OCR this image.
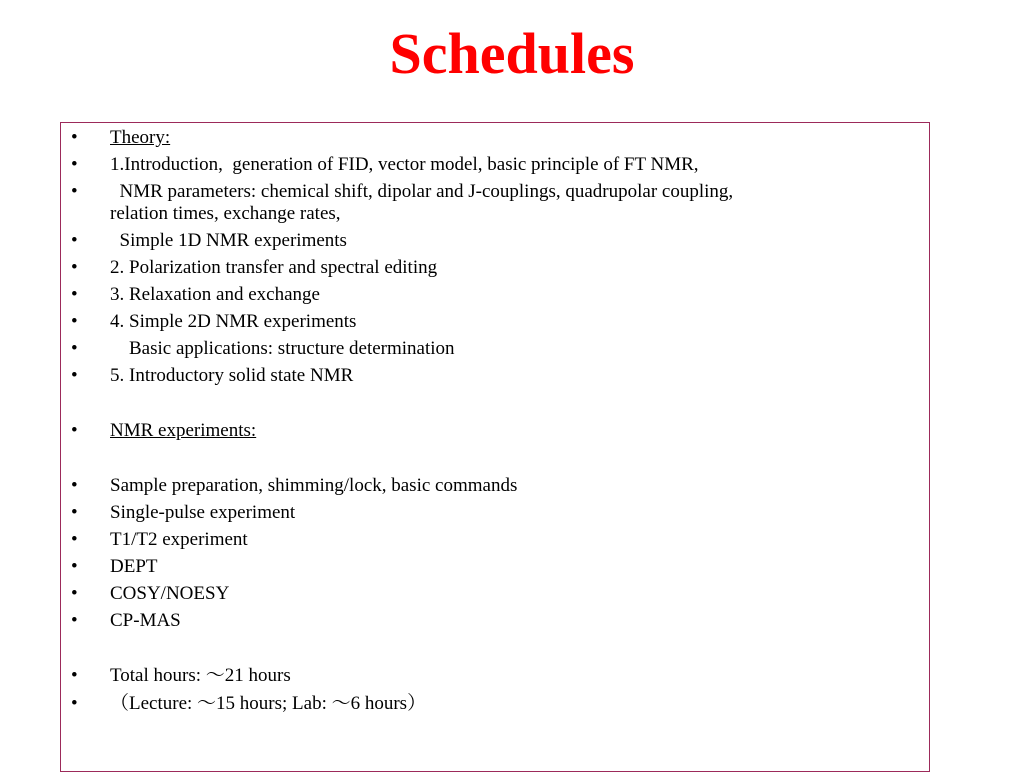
Schedules
• Theory:
• 1.Introduction,  generation of FID, vector model, basic principle of FT NMR,
• NMR parameters: chemical shift, dipolar and J-couplings, quadrupolar coupling,
relation times, exchange rates,
• Simple 1D NMR experiments
• 2. Polarization transfer and spectral editing
• 3. Relaxation and exchange
• 4. Simple 2D NMR experiments
• Basic applications: structure determination
• 5. Introductory solid state NMR
• NMR experiments:
• Sample preparation, shimming/lock, basic commands
• Single-pulse experiment
• T1/T2 experiment
• DEPT
• COSY/NOESY
• CP-MAS
• Total hours: ～21 hours
• （Lecture: ～15 hours; Lab: ～6 hours）
